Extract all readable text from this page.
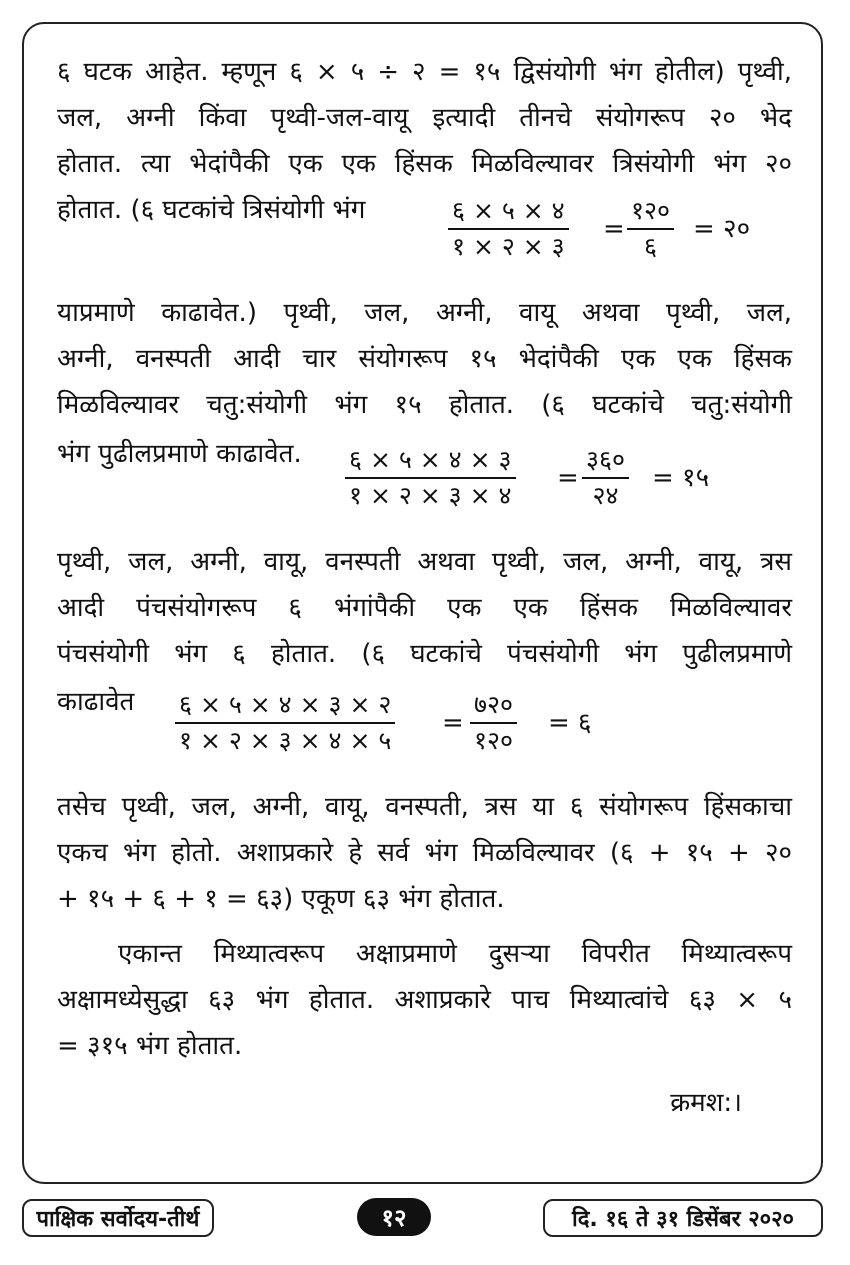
६ घटक आहेत. म्हणून ६ × ५ ÷ २ = १५ द्विसंयोगी भंग होतील) पृथ्वी,
जल, अग्नी किंवा पृथ्वी-जल-वायू इत्यादी तीनचे संयोगरूप २० भेद
होतात. त्या भेदांपैकी एक एक हिंसक मिळविल्यावर त्रिसंयोगी भंग २०
होतात. (६ घटकांचे त्रिसंयोगी भंग	६ × ५ × ४
१ × २ × ३
=
१२०
६
= २०
याप्रमाणे काढावेत.) पृथ्वी, जल, अग्नी, वायू अथवा पृथ्वी, जल,
अग्नी, वनस्पती आदी चार संयोगरूप १५ भेदांपैकी एक एक हिंसक
मिळविल्यावर चतु:संयोगी भंग १५ होतात. (६ घटकांचे चतु:संयोगी
भंग पुढीलप्रमाणे काढावेत.	६ × ५ × ४ × ३
१ × २ × ३ × ४
=
३६०
२४
= १५
पृथ्वी, जल, अग्नी, वायू, वनस्पती अथवा पृथ्वी, जल, अग्नी, वायू, त्रस
आदी पंचसंयोगरूप ६ भंगांपैकी एक एक हिंसक मिळविल्यावर
पंचसंयोगी भंग ६ होतात. (६ घटकांचे पंचसंयोगी भंग पुढीलप्रमाणे
काढावेत	६ × ५ × ४ × ३ × २
१ × २ × ३ × ४ × ५
=
७२०
१२०
= ६
तसेच पृथ्वी, जल, अग्नी, वायू, वनस्पती, त्रस या ६ संयोगरूप हिंसकाचा
एकच भंग होतो. अशाप्रकारे हे सर्व भंग मिळविल्यावर (६ + १५ + २०
+ १५ + ६ + १ = ६३) एकूण ६३ भंग होतात.
एकान्त मिथ्यात्वरूप अक्षाप्रमाणे दुसऱ्या विपरीत मिथ्यात्वरूप
अक्षामध्येसुद्धा ६३ भंग होतात. अशाप्रकारे पाच मिथ्यात्वांचे ६३ × ५
= ३१५ भंग होतात.
क्रमश:।
पाक्षिक सर्वोदय-तीर्थ	१२	दि. १६ ते ३१ डिसेंबर २०२०
